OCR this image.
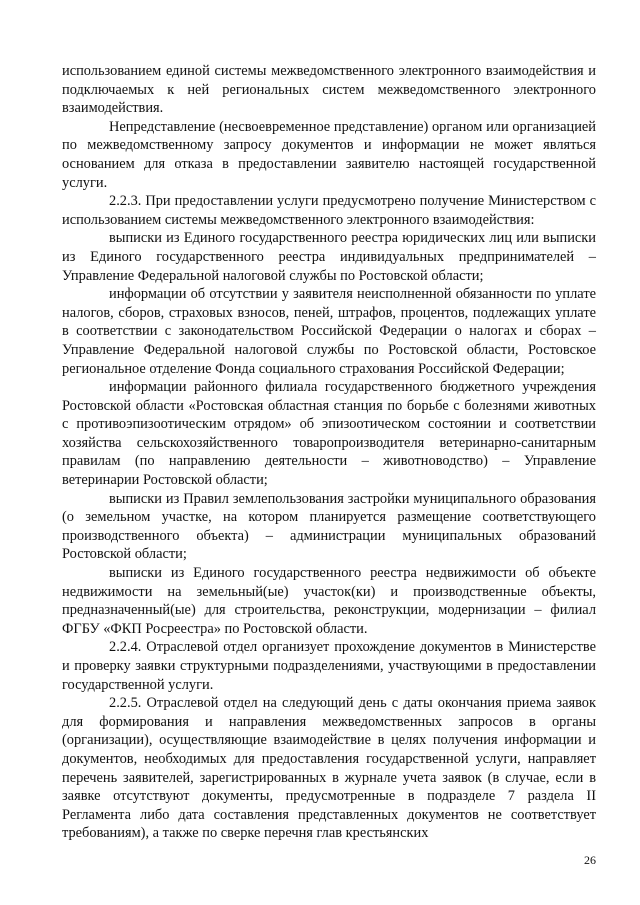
использованием единой системы межведомственного электронного взаимодействия и подключаемых к ней региональных систем межведомственного электронного взаимодействия.

Непредставление (несвоевременное представление) органом или организацией по межведомственному запросу документов и информации не может являться основанием для отказа в предоставлении заявителю настоящей государственной услуги.

2.2.3. При предоставлении услуги предусмотрено получение Министерством с использованием системы межведомственного электронного взаимодействия:

выписки из Единого государственного реестра юридических лиц или выписки из Единого государственного реестра индивидуальных предпринимателей – Управление Федеральной налоговой службы по Ростовской области;

информации об отсутствии у заявителя неисполненной обязанности по уплате налогов, сборов, страховых взносов, пеней, штрафов, процентов, подлежащих уплате в соответствии с законодательством Российской Федерации о налогах и сборах – Управление Федеральной налоговой службы по Ростовской области, Ростовское региональное отделение Фонда социального страхования Российской Федерации;

информации районного филиала государственного бюджетного учреждения Ростовской области «Ростовская областная станция по борьбе с болезнями животных с противоэпизоотическим отрядом» об эпизоотическом состоянии и соответствии хозяйства сельскохозяйственного товаропроизводителя ветеринарно-санитарным правилам (по направлению деятельности – животноводство) – Управление ветеринарии Ростовской области;

выписки из Правил землепользования застройки муниципального образования (о земельном участке, на котором планируется размещение соответствующего производственного объекта) – администрации муниципальных образований Ростовской области;

выписки из Единого государственного реестра недвижимости об объекте недвижимости на земельный(ые) участок(ки) и производственные объекты, предназначенный(ые) для строительства, реконструкции, модернизации – филиал ФГБУ «ФКП Росреестра» по Ростовской области.

2.2.4. Отраслевой отдел организует прохождение документов в Министерстве и проверку заявки структурными подразделениями, участвующими в предоставлении государственной услуги.

2.2.5. Отраслевой отдел на следующий день с даты окончания приема заявок для формирования и направления межведомственных запросов в органы (организации), осуществляющие взаимодействие в целях получения информации и документов, необходимых для предоставления государственной услуги, направляет перечень заявителей, зарегистрированных в журнале учета заявок (в случае, если в заявке отсутствуют документы, предусмотренные в подразделе 7 раздела II Регламента либо дата составления представленных документов не соответствует требованиям), а также по сверке перечня глав крестьянских

26
